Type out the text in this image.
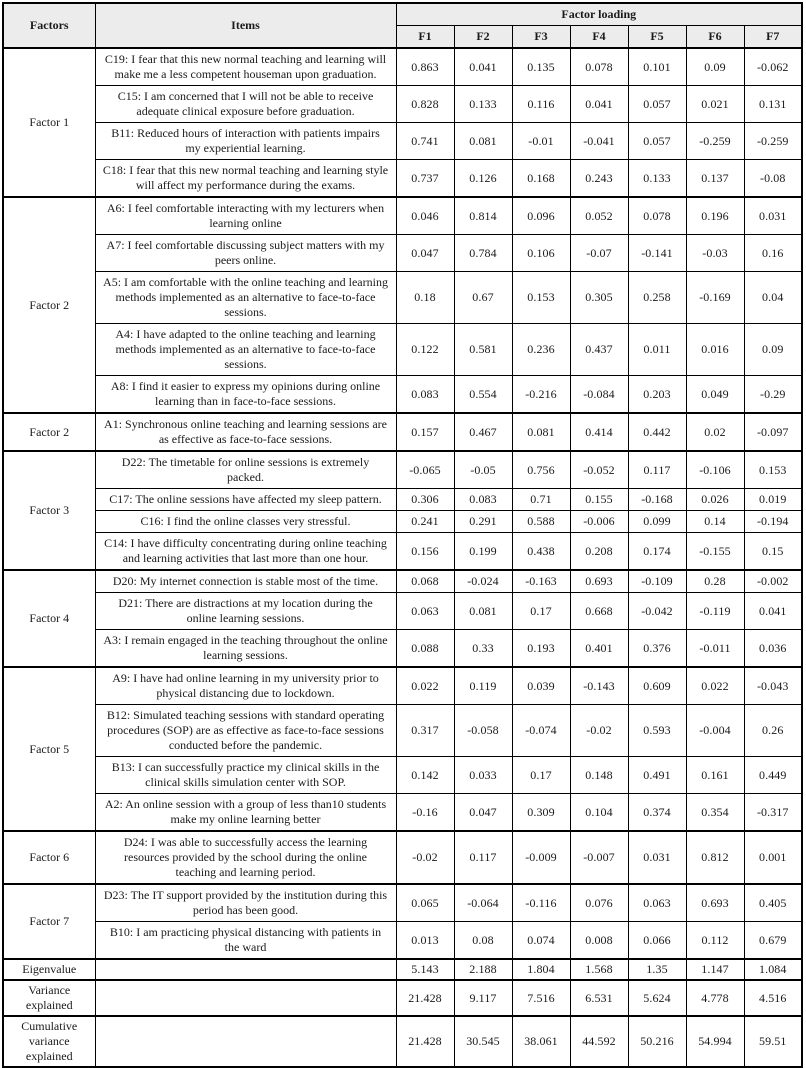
Factors	Items	Factor loading						
		F1	F2	F3	F4	F5	F6	F7
Factor 1	C19: I fear that this new normal teaching and learning will make me a less competent houseman upon graduation.	0.863	0.041	0.135	0.078	0.101	0.09	-0.062
	C15: I am concerned that I will not be able to receive adequate clinical exposure before graduation.	0.828	0.133	0.116	0.041	0.057	0.021	0.131
	B11: Reduced hours of interaction with patients impairs my experiential learning.	0.741	0.081	-0.01	-0.041	0.057	-0.259	-0.259
	C18: I fear that this new normal teaching and learning style will affect my performance during the exams.	0.737	0.126	0.168	0.243	0.133	0.137	-0.08
Factor 2	A6: I feel comfortable interacting with my lecturers when learning online	0.046	0.814	0.096	0.052	0.078	0.196	0.031
	A7: I feel comfortable discussing subject matters with my peers online.	0.047	0.784	0.106	-0.07	-0.141	-0.03	0.16
	A5: I am comfortable with the online teaching and learning methods implemented as an alternative to face-to-face sessions.	0.18	0.67	0.153	0.305	0.258	-0.169	0.04
	A4: I have adapted to the online teaching and learning methods implemented as an alternative to face-to-face sessions.	0.122	0.581	0.236	0.437	0.011	0.016	0.09
	A8: I find it easier to express my opinions during online learning than in face-to-face sessions.	0.083	0.554	-0.216	-0.084	0.203	0.049	-0.29
Factor 2	A1: Synchronous online teaching and learning sessions are as effective as face-to-face sessions.	0.157	0.467	0.081	0.414	0.442	0.02	-0.097
Factor 3	D22: The timetable for online sessions is extremely packed.	-0.065	-0.05	0.756	-0.052	0.117	-0.106	0.153
	C17: The online sessions have affected my sleep pattern.	0.306	0.083	0.71	0.155	-0.168	0.026	0.019
	C16: I find the online classes very stressful.	0.241	0.291	0.588	-0.006	0.099	0.14	-0.194
	C14: I have difficulty concentrating during online teaching and learning activities that last more than one hour.	0.156	0.199	0.438	0.208	0.174	-0.155	0.15
Factor 4	D20: My internet connection is stable most of the time.	0.068	-0.024	-0.163	0.693	-0.109	0.28	-0.002
	D21: There are distractions at my location during the online learning sessions.	0.063	0.081	0.17	0.668	-0.042	-0.119	0.041
	A3: I remain engaged in the teaching throughout the online learning sessions.	0.088	0.33	0.193	0.401	0.376	-0.011	0.036
Factor 5	A9: I have had online learning in my university prior to physical distancing due to lockdown.	0.022	0.119	0.039	-0.143	0.609	0.022	-0.043
	B12: Simulated teaching sessions with standard operating procedures (SOP) are as effective as face-to-face sessions conducted before the pandemic.	0.317	-0.058	-0.074	-0.02	0.593	-0.004	0.26
	B13: I can successfully practice my clinical skills in the clinical skills simulation center with SOP.	0.142	0.033	0.17	0.148	0.491	0.161	0.449
	A2: An online session with a group of less than10 students make my online learning better	-0.16	0.047	0.309	0.104	0.374	0.354	-0.317
Factor 6	D24: I was able to successfully access the learning resources provided by the school during the online teaching and learning period.	-0.02	0.117	-0.009	-0.007	0.031	0.812	0.001
Factor 7	D23: The IT support provided by the institution during this period has been good.	0.065	-0.064	-0.116	0.076	0.063	0.693	0.405
	B10: I am practicing physical distancing with patients in the ward	0.013	0.08	0.074	0.008	0.066	0.112	0.679
Eigenvalue		5.143	2.188	1.804	1.568	1.35	1.147	1.084
Variance explained		21.428	9.117	7.516	6.531	5.624	4.778	4.516
Cumulative variance explained		21.428	30.545	38.061	44.592	50.216	54.994	59.51
